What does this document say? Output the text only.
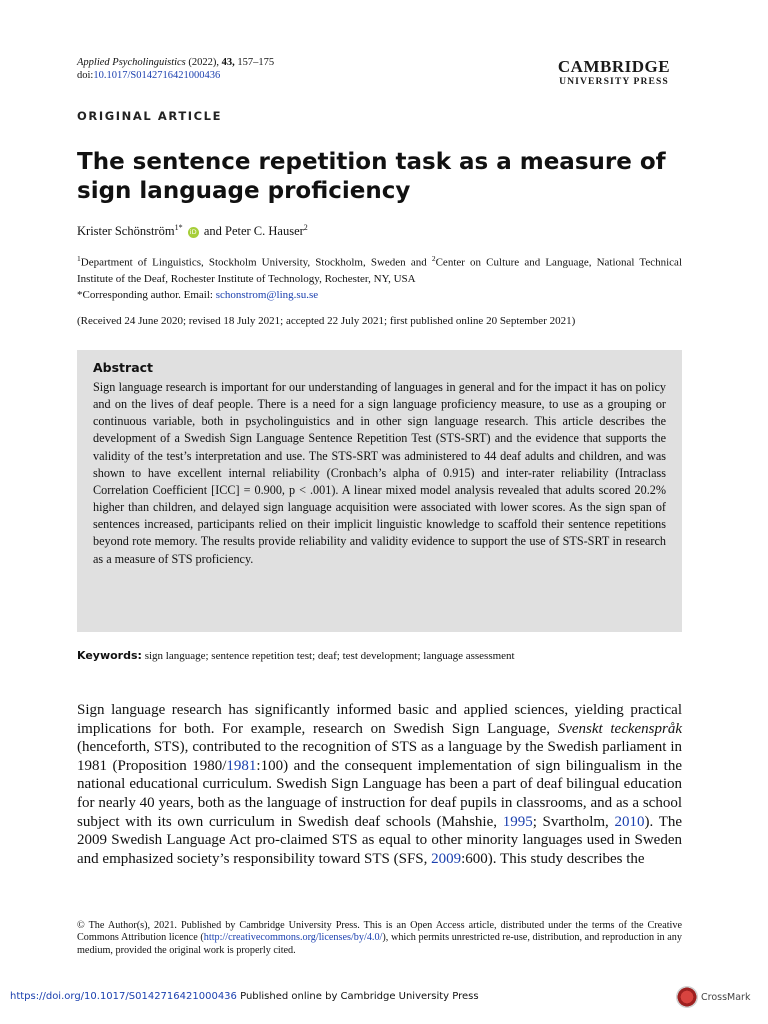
Applied Psycholinguistics (2022), 43, 157–175
doi:10.1017/S0142716421000436	CAMBRIDGE
UNIVERSITY PRESS
ORIGINAL ARTICLE
The sentence repetition task as a measure of sign language proficiency
Krister Schönström$^{1*}$ iD and Peter C. Hauser$^2$
$^1$Department of Linguistics, Stockholm University, Stockholm, Sweden and $^2$Center on Culture and Language, National Technical Institute of the Deaf, Rochester Institute of Technology, Rochester, NY, USA
*Corresponding author. Email: schonstrom@ling.su.se
(Received 24 June 2020; revised 18 July 2021; accepted 22 July 2021; first published online 20 September 2021)
Abstract
Sign language research is important for our understanding of languages in general and for the impact it has on policy and on the lives of deaf people. There is a need for a sign language proficiency measure, to use as a grouping or continuous variable, both in psycholinguistics and in other sign language research. This article describes the development of a Swedish Sign Language Sentence Repetition Test (STS-SRT) and the evidence that supports the validity of the test’s interpretation and use. The STS-SRT was administered to 44 deaf adults and children, and was shown to have excellent internal reliability (Cronbach’s alpha of 0.915) and inter-rater reliability (Intraclass Correlation Coefficient [ICC] = 0.900, p < .001). A linear mixed model analysis revealed that adults scored 20.2% higher than children, and delayed sign language acquisition were associated with lower scores. As the sign span of sentences increased, participants relied on their implicit linguistic knowledge to scaffold their sentence repetitions beyond rote memory. The results provide reliability and validity evidence to support the use of STS-SRT in research as a measure of STS proficiency.
Keywords: sign language; sentence repetition test; deaf; test development; language assessment
Sign language research has significantly informed basic and applied sciences, yielding practical implications for both. For example, research on Swedish Sign Language, Svenskt teckenspråk (henceforth, STS), contributed to the recognition of STS as a language by the Swedish parliament in 1981 (Proposition 1980/1981:100) and the consequent implementation of sign bilingualism in the national educational curriculum. Swedish Sign Language has been a part of deaf bilingual education for nearly 40 years, both as the language of instruction for deaf pupils in classrooms, and as a school subject with its own curriculum in Swedish deaf schools (Mahshie, 1995; Svartholm, 2010). The 2009 Swedish Language Act pro-claimed STS as equal to other minority languages used in Sweden and emphasized society’s responsibility toward STS (SFS, 2009:600). This study describes the
© The Author(s), 2021. Published by Cambridge University Press. This is an Open Access article, distributed under the terms of the Creative Commons Attribution licence (http://creativecommons.org/licenses/by/4.0/), which permits unrestricted re-use, distribution, and reproduction in any medium, provided the original work is properly cited.
https://doi.org/10.1017/S0142716421000436 Published online by Cambridge University Press	CrossMark
